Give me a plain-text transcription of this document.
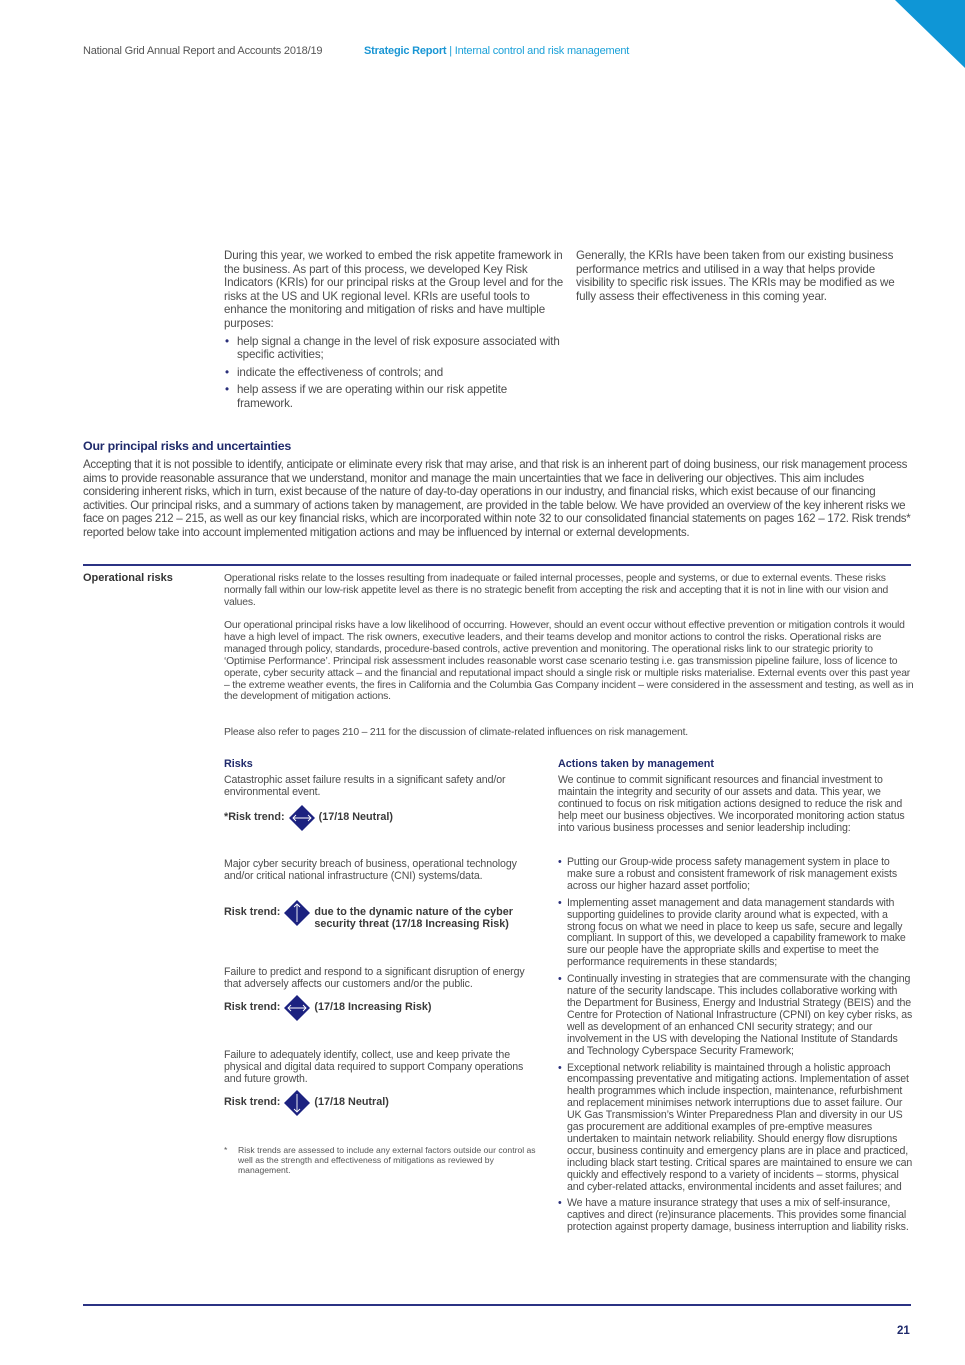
National Grid Annual Report and Accounts 2018/19	Strategic Report | Internal control and risk management
During this year, we worked to embed the risk appetite framework in the business. As part of this process, we developed Key Risk Indicators (KRIs) for our principal risks at the Group level and for the risks at the US and UK regional level. KRIs are useful tools to enhance the monitoring and mitigation of risks and have multiple purposes:
• help signal a change in the level of risk exposure associated with specific activities;
• indicate the effectiveness of controls; and
• help assess if we are operating within our risk appetite framework.
Generally, the KRIs have been taken from our existing business performance metrics and utilised in a way that helps provide visibility to specific risk issues. The KRIs may be modified as we fully assess their effectiveness in this coming year.
Our principal risks and uncertainties
Accepting that it is not possible to identify, anticipate or eliminate every risk that may arise, and that risk is an inherent part of doing business, our risk management process aims to provide reasonable assurance that we understand, monitor and manage the main uncertainties that we face in delivering our objectives. This aim includes considering inherent risks, which in turn, exist because of the nature of day-to-day operations in our industry, and financial risks, which exist because of our financing activities. Our principal risks, and a summary of actions taken by management, are provided in the table below. We have provided an overview of the key inherent risks we face on pages 212 – 215, as well as our key financial risks, which are incorporated within note 32 to our consolidated financial statements on pages 162 – 172. Risk trends* reported below take into account implemented mitigation actions and may be influenced by internal or external developments.
Operational risks	Operational risks relate to the losses resulting from inadequate or failed internal processes, people and systems, or due to external events. These risks normally fall within our low-risk appetite level as there is no strategic benefit from accepting the risk and accepting that it is not in line with our vision and values.
Our operational principal risks have a low likelihood of occurring. However, should an event occur without effective prevention or mitigation controls it would have a high level of impact. The risk owners, executive leaders, and their teams develop and monitor actions to control the risks. Operational risks are managed through policy, standards, procedure-based controls, active prevention and monitoring. The operational risks link to our strategic priority to ‘Optimise Performance’. Principal risk assessment includes reasonable worst case scenario testing i.e. gas transmission pipeline failure, loss of licence to operate, cyber security attack – and the financial and reputational impact should a single risk or multiple risks materialise. External events over this past year – the extreme weather events, the fires in California and the Columbia Gas Company incident – were considered in the assessment and testing, as well as in the development of mitigation actions.
Please also refer to pages 210 – 211 for the discussion of climate-related influences on risk management.
Risks	Actions taken by management
Catastrophic asset failure results in a significant safety and/or environmental event.
*Risk trend:	(17/18 Neutral)
Major cyber security breach of business, operational technology and/or critical national infrastructure (CNI) systems/data.
Risk trend:	due to the dynamic nature of the cyber security threat (17/18 Increasing Risk)
Failure to predict and respond to a significant disruption of energy that adversely affects our customers and/or the public.
Risk trend:	(17/18 Increasing Risk)
Failure to adequately identify, collect, use and keep private the physical and digital data required to support Company operations and future growth.
Risk trend:	(17/18 Neutral)
*	Risk trends are assessed to include any external factors outside our control as well as the strength and effectiveness of mitigations as reviewed by management.
We continue to commit significant resources and financial investment to maintain the integrity and security of our assets and data. This year, we continued to focus on risk mitigation actions designed to reduce the risk and help meet our business objectives. We incorporated monitoring action status into various business processes and senior leadership including:
• Putting our Group-wide process safety management system in place to make sure a robust and consistent framework of risk management exists across our higher hazard asset portfolio;
• Implementing asset management and data management standards with supporting guidelines to provide clarity around what is expected, with a strong focus on what we need in place to keep us safe, secure and legally compliant. In support of this, we developed a capability framework to make sure our people have the appropriate skills and expertise to meet the performance requirements in these standards;
• Continually investing in strategies that are commensurate with the changing nature of the security landscape. This includes collaborative working with the Department for Business, Energy and Industrial Strategy (BEIS) and the Centre for Protection of National Infrastructure (CPNI) on key cyber risks, as well as development of an enhanced CNI security strategy; and our involvement in the US with developing the National Institute of Standards and Technology Cyberspace Security Framework;
• Exceptional network reliability is maintained through a holistic approach encompassing preventative and mitigating actions. Implementation of asset health programmes which include inspection, maintenance, refurbishment and replacement minimises network interruptions due to asset failure. Our UK Gas Transmission’s Winter Preparedness Plan and diversity in our US gas procurement are additional examples of pre-emptive measures undertaken to maintain network reliability. Should energy flow disruptions occur, business continuity and emergency plans are in place and practiced, including black start testing. Critical spares are maintained to ensure we can quickly and effectively respond to a variety of incidents – storms, physical and cyber-related attacks, environmental incidents and asset failures; and
• We have a mature insurance strategy that uses a mix of self-insurance, captives and direct (re)insurance placements. This provides some financial protection against property damage, business interruption and liability risks.
21
